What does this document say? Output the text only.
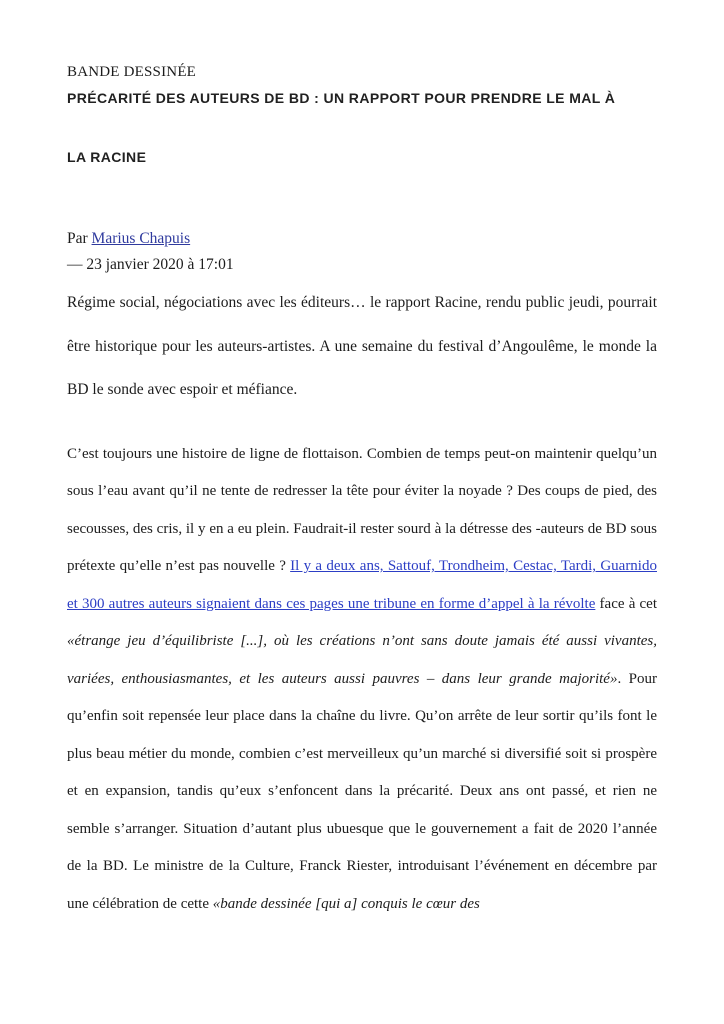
BANDE DESSINÉE
PRÉCARITÉ DES AUTEURS DE BD : UN RAPPORT POUR PRENDRE LE MAL À
LA RACINE
Par Marius Chapuis
— 23 janvier 2020 à 17:01
Régime social, négociations avec les éditeurs… le rapport Racine, rendu public jeudi, pourrait être historique pour les auteurs-artistes. A une semaine du festival d’Angoulême, le monde la BD le sonde avec espoir et méfiance.
C’est toujours une histoire de ligne de flottaison. Combien de temps peut-on maintenir quelqu’un sous l’eau avant qu’il ne tente de redresser la tête pour éviter la noyade ? Des coups de pied, des secousses, des cris, il y en a eu plein. Faudrait-il rester sourd à la détresse des -auteurs de BD sous prétexte qu’elle n’est pas nouvelle ? Il y a deux ans, Sattouf, Trondheim, Cestac, Tardi, Guarnido et 300 autres auteurs signaient dans ces pages une tribune en forme d’appel à la révolte face à cet «étrange jeu d’équilibriste [...], où les créations n’ont sans doute jamais été aussi vivantes, variées, enthousiasmantes, et les auteurs aussi pauvres – dans leur grande majorité». Pour qu’enfin soit repensée leur place dans la chaîne du livre. Qu’on arrête de leur sortir qu’ils font le plus beau métier du monde, combien c’est merveilleux qu’un marché si diversifié soit si prospère et en expansion, tandis qu’eux s’enfoncent dans la précarité. Deux ans ont passé, et rien ne semble s’arranger. Situation d’autant plus ubuesque que le gouvernement a fait de 2020 l’année de la BD. Le ministre de la Culture, Franck Riester, introduisant l’événement en décembre par une célébration de cette «bande dessinée [qui a] conquis le cœur des
